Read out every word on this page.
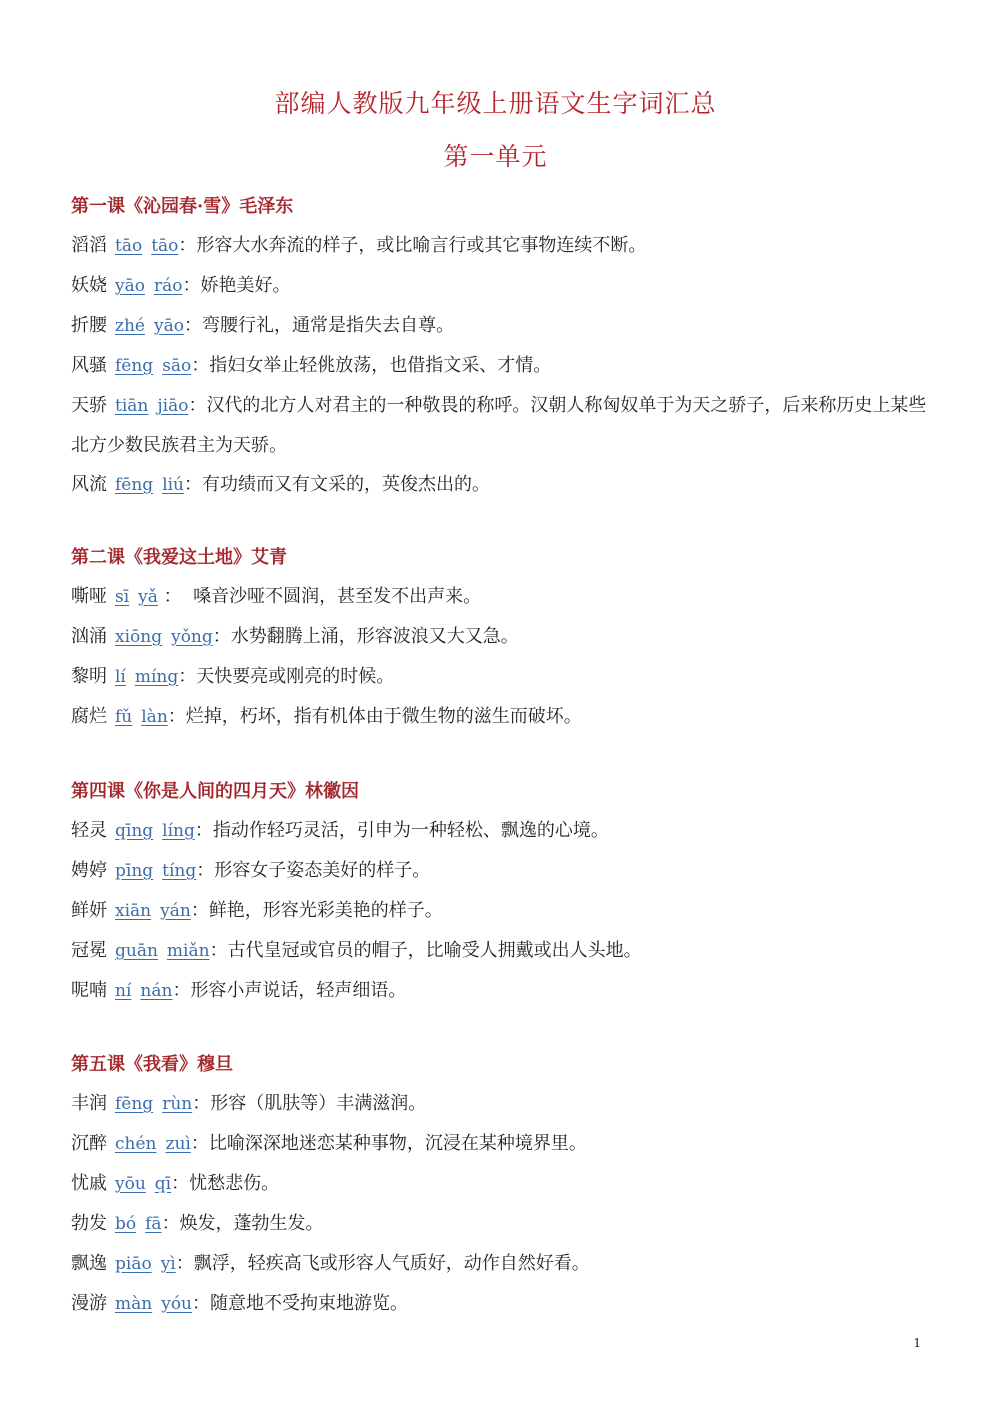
部编人教版九年级上册语文生字词汇总
第一单元

第一课《沁园春·雪》毛泽东

滔滔 tāo tāo：形容大水奔流的样子，或比喻言行或其它事物连续不断。

妖娆 yāo ráo：娇艳美好。

折腰 zhé yāo：弯腰行礼，通常是指失去自尊。

风骚 fēng sāo：指妇女举止轻佻放荡，也借指文采、才情。

天骄 tiān jiāo：汉代的北方人对君主的一种敬畏的称呼。汉朝人称匈奴单于为天之骄子，后来称历史上某些北方少数民族君主为天骄。

风流 fēng liú：有功绩而又有文采的，英俊杰出的。

第二课《我爱这土地》艾青

嘶哑 sī yǎ ：  嗓音沙哑不圆润，甚至发不出声来。

汹涌 xiōng yǒng：水势翻腾上涌，形容波浪又大又急。

黎明 lí míng：天快要亮或刚亮的时候。

腐烂 fǔ làn：烂掉，朽坏，指有机体由于微生物的滋生而破坏。

第四课《你是人间的四月天》林徽因

轻灵 qīng líng：指动作轻巧灵活，引申为一种轻松、飘逸的心境。

娉婷 pīng tíng：形容女子姿态美好的样子。

鲜妍 xiān yán：鲜艳，形容光彩美艳的样子。

冠冕 guān miǎn：古代皇冠或官员的帽子，比喻受人拥戴或出人头地。

呢喃 ní nán：形容小声说话，轻声细语。

第五课《我看》穆旦

丰润 fēng rùn：形容（肌肤等）丰满滋润。

沉醉 chén zuì：比喻深深地迷恋某种事物，沉浸在某种境界里。

忧戚 yōu qī：忧愁悲伤。

勃发 bó fā：焕发，蓬勃生发。

飘逸 piāo yì：飘浮，轻疾高飞或形容人气质好，动作自然好看。

漫游 màn yóu：随意地不受拘束地游览。

1
